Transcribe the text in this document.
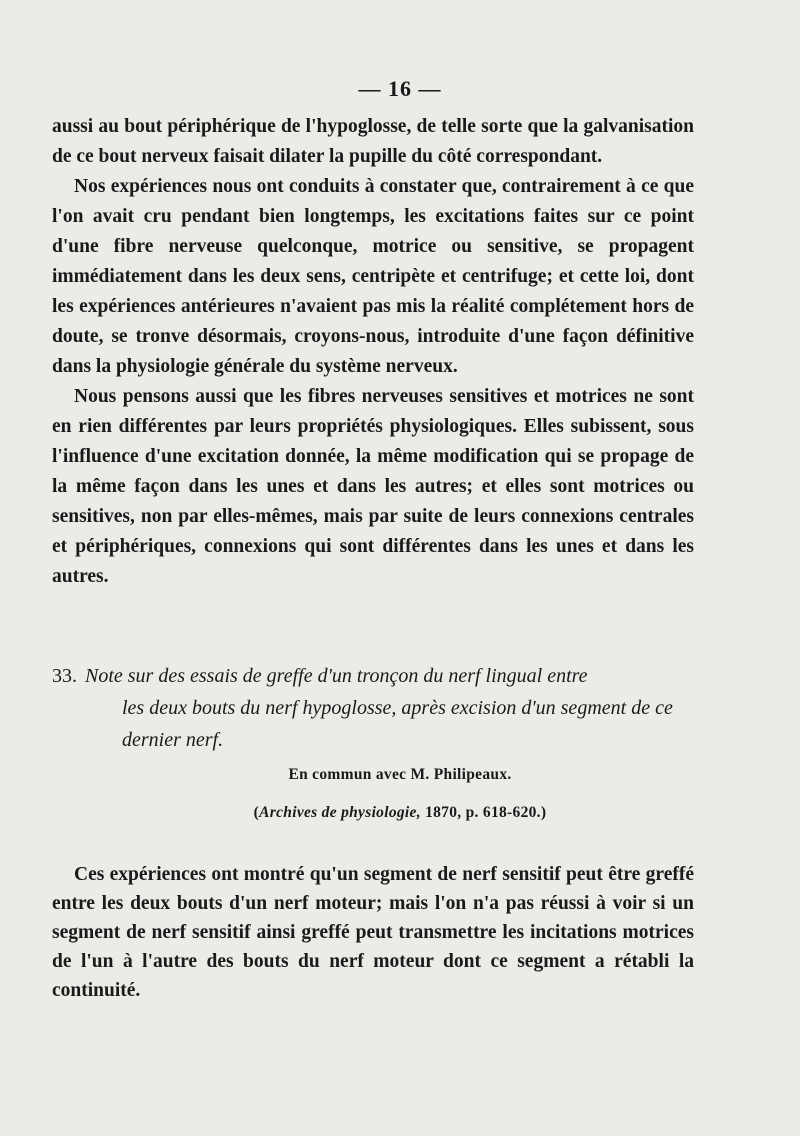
— 16 —

aussi au bout périphérique de l'hypoglosse, de telle sorte que la galvanisation de ce bout nerveux faisait dilater la pupille du côté correspondant.

Nos expériences nous ont conduits à constater que, contrairement à ce que l'on avait cru pendant bien longtemps, les excitations faites sur ce point d'une fibre nerveuse quelconque, motrice ou sensitive, se propagent immédiatement dans les deux sens, centripète et centrifuge; et cette loi, dont les expériences antérieures n'avaient pas mis la réalité complétement hors de doute, se tronve désormais, croyons-nous, introduite d'une façon définitive dans la physiologie générale du système nerveux.

Nous pensons aussi que les fibres nerveuses sensitives et motrices ne sont en rien différentes par leurs propriétés physiologiques. Elles subissent, sous l'influence d'une excitation donnée, la même modification qui se propage de la même façon dans les unes et dans les autres; et elles sont motrices ou sensitives, non par elles-mêmes, mais par suite de leurs connexions centrales et périphériques, connexions qui sont différentes dans les unes et dans les autres.

33. Note sur des essais de greffe d'un tronçon du nerf lingual entre
les deux bouts du nerf hypoglosse, après excision d'un segment de ce dernier nerf.
En commun avec M. Philipeaux.
(Archives de physiologie, 1870, p. 618-620.)

Ces expériences ont montré qu'un segment de nerf sensitif peut être greffé entre les deux bouts d'un nerf moteur; mais l'on n'a pas réussi à voir si un segment de nerf sensitif ainsi greffé peut transmettre les incitations motrices de l'un à l'autre des bouts du nerf moteur dont ce segment a rétabli la continuité.
